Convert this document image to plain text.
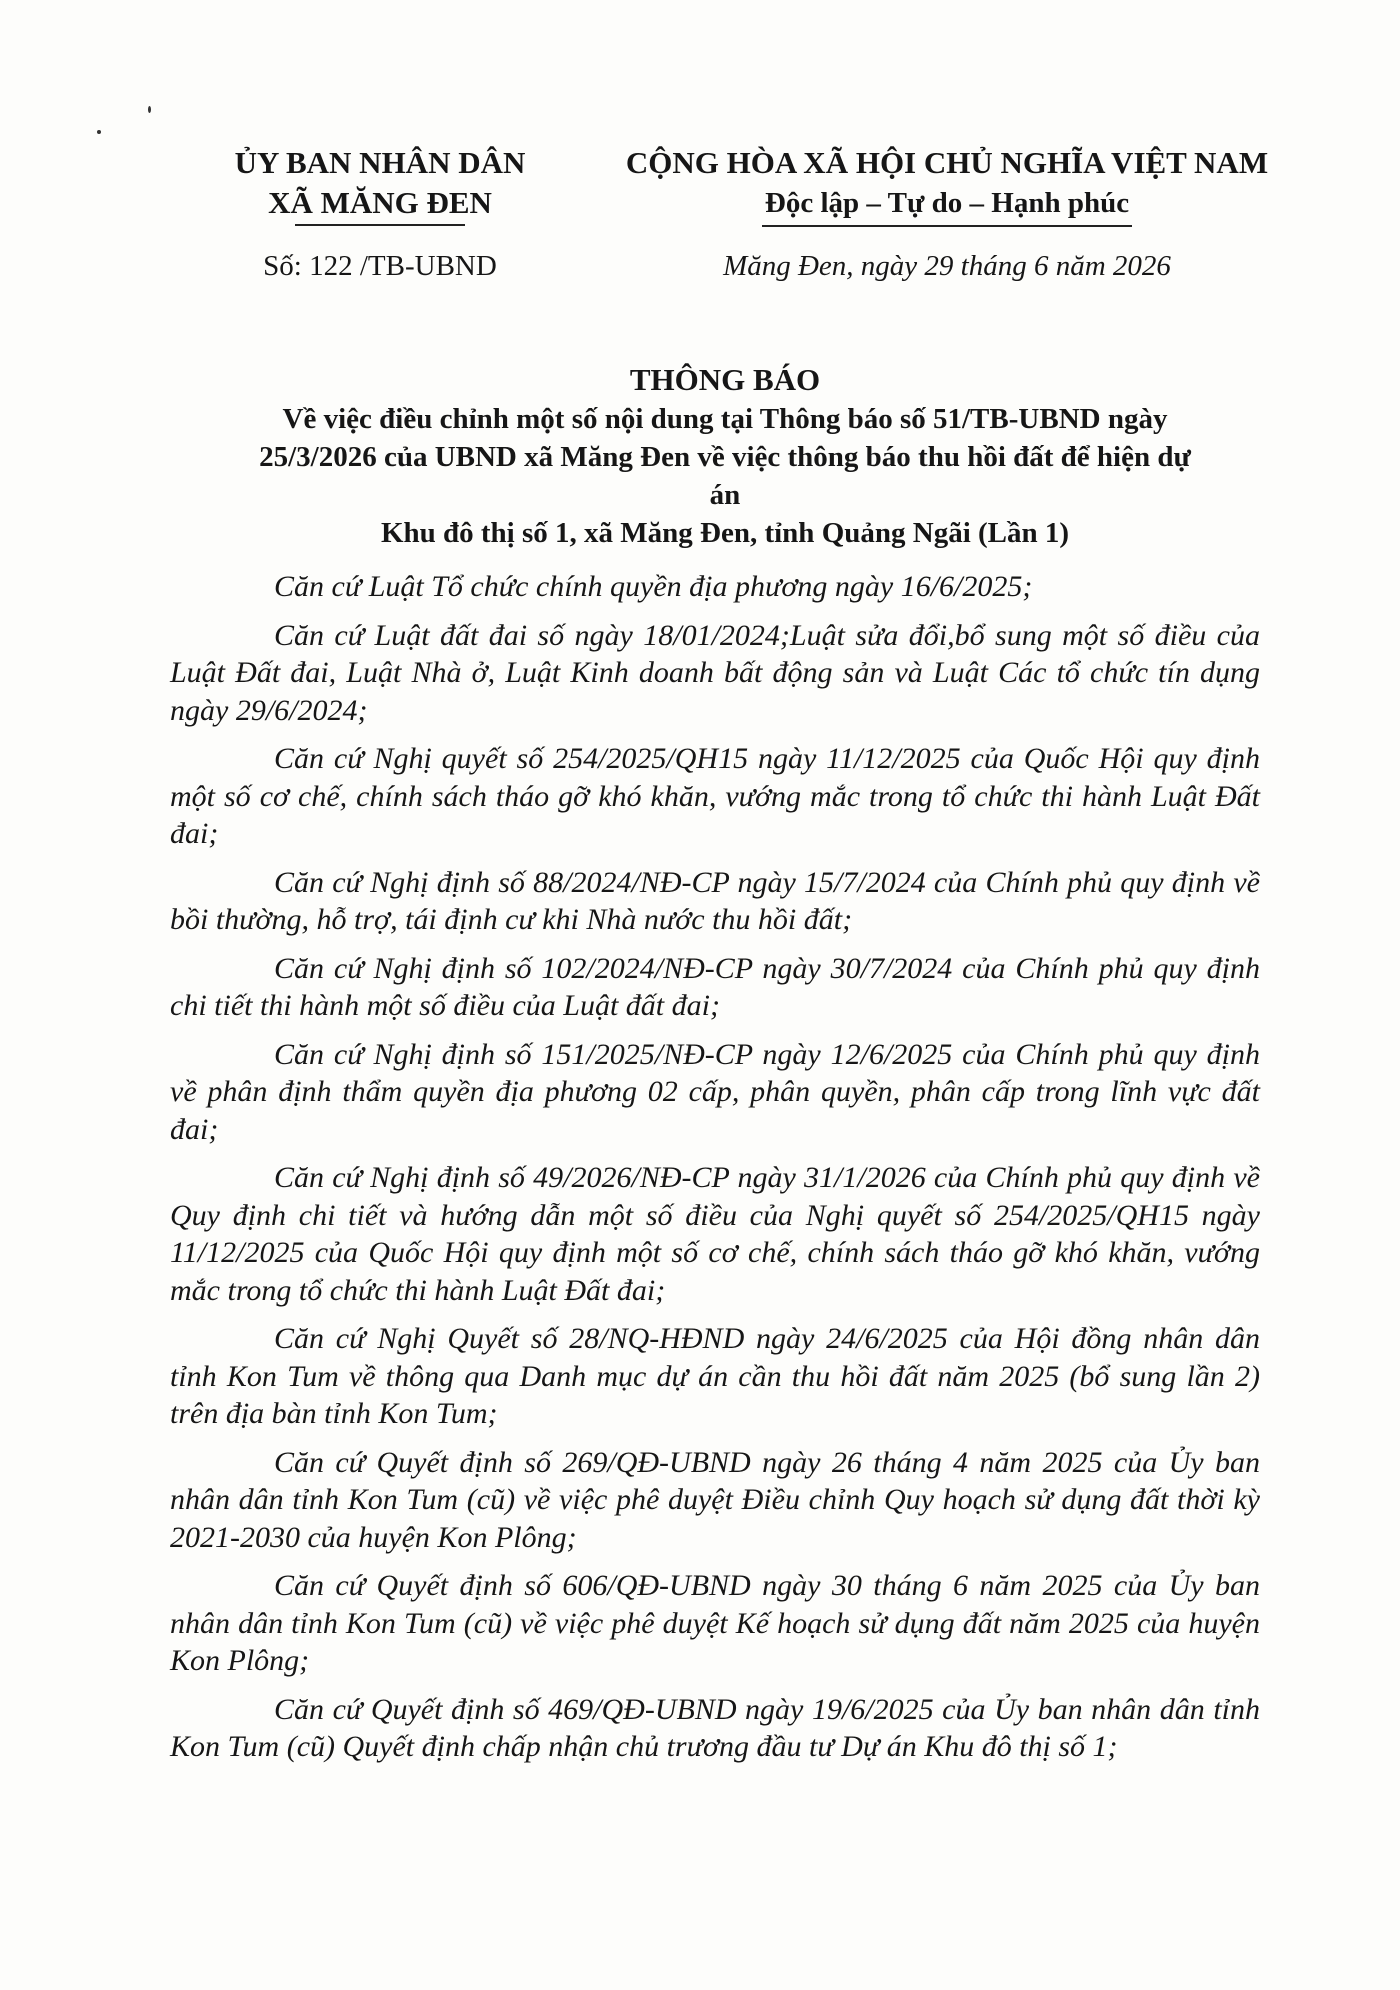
ỦY BAN NHÂN DÂN
XÃ MĂNG ĐEN
CỘNG HÒA XÃ HỘI CHỦ NGHĨA VIỆT NAM
Độc lập – Tự do – Hạnh phúc
Số: 122 /TB-UBND	Măng Đen, ngày 29 tháng 6 năm 2026
THÔNG BÁO
Về việc điều chỉnh một số nội dung tại Thông báo số 51/TB-UBND ngày
25/3/2026 của UBND xã Măng Đen về việc thông báo thu hồi đất để hiện dự án
Khu đô thị số 1, xã Măng Đen, tỉnh Quảng Ngãi (Lần 1)

Căn cứ Luật Tổ chức chính quyền địa phương ngày 16/6/2025;

Căn cứ Luật đất đai số ngày 18/01/2024;Luật sửa đổi,bổ sung một số điều của Luật Đất đai, Luật Nhà ở, Luật Kinh doanh bất động sản và Luật Các tổ chức tín dụng ngày 29/6/2024;

Căn cứ Nghị quyết số 254/2025/QH15 ngày 11/12/2025 của Quốc Hội quy định một số cơ chế, chính sách tháo gỡ khó khăn, vướng mắc trong tổ chức thi hành Luật Đất đai;

Căn cứ Nghị định số 88/2024/NĐ-CP ngày 15/7/2024 của Chính phủ quy định về bồi thường, hỗ trợ, tái định cư khi Nhà nước thu hồi đất;

Căn cứ Nghị định số 102/2024/NĐ-CP ngày 30/7/2024 của Chính phủ quy định chi tiết thi hành một số điều của Luật đất đai;

Căn cứ Nghị định số 151/2025/NĐ-CP ngày 12/6/2025 của Chính phủ quy định về phân định thẩm quyền địa phương 02 cấp, phân quyền, phân cấp trong lĩnh vực đất đai;

Căn cứ Nghị định số 49/2026/NĐ-CP ngày 31/1/2026 của Chính phủ quy định về Quy định chi tiết và hướng dẫn một số điều của Nghị quyết số 254/2025/QH15 ngày 11/12/2025 của Quốc Hội quy định một số cơ chế, chính sách tháo gỡ khó khăn, vướng mắc trong tổ chức thi hành Luật Đất đai;

Căn cứ Nghị Quyết số 28/NQ-HĐND ngày 24/6/2025 của Hội đồng nhân dân tỉnh Kon Tum về thông qua Danh mục dự án cần thu hồi đất năm 2025 (bổ sung lần 2) trên địa bàn tỉnh Kon Tum;

Căn cứ Quyết định số 269/QĐ-UBND ngày 26 tháng 4 năm 2025 của Ủy ban nhân dân tỉnh Kon Tum (cũ) về việc phê duyệt Điều chỉnh Quy hoạch sử dụng đất thời kỳ 2021-2030 của huyện Kon Plông;

Căn cứ Quyết định số 606/QĐ-UBND ngày 30 tháng 6 năm 2025 của Ủy ban nhân dân tỉnh Kon Tum (cũ) về việc phê duyệt Kế hoạch sử dụng đất năm 2025 của huyện Kon Plông;

Căn cứ Quyết định số 469/QĐ-UBND ngày 19/6/2025 của Ủy ban nhân dân tỉnh Kon Tum (cũ) Quyết định chấp nhận chủ trương đầu tư Dự án Khu đô thị số 1;
